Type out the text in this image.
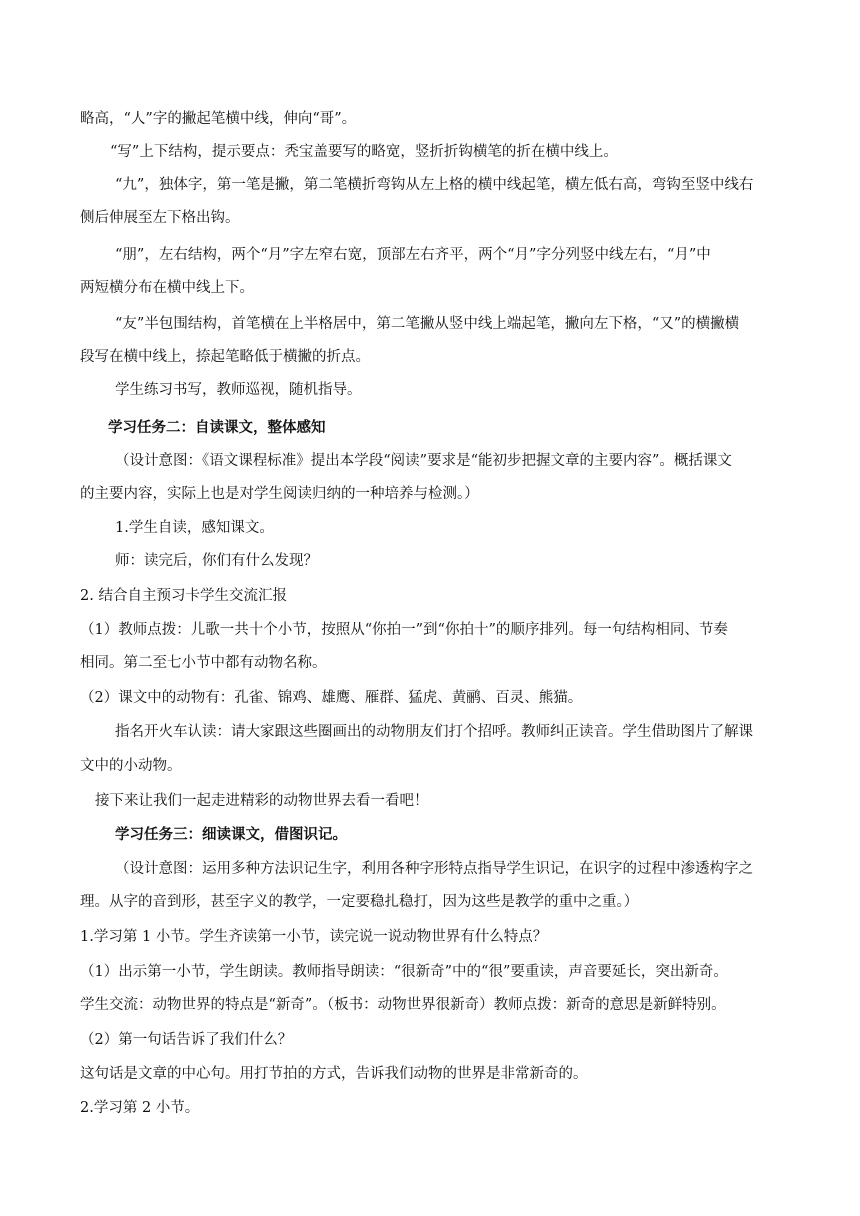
略高，“人”字的撇起笔横中线，伸向“哥”。
“写”上下结构，提示要点：秃宝盖要写的略宽，竖折折钩横笔的折在横中线上。
“九”，独体字，第一笔是撇，第二笔横折弯钩从左上格的横中线起笔，横左低右高，弯钩至竖中线右
侧后伸展至左下格出钩。
“朋”，左右结构，两个“月”字左窄右宽，顶部左右齐平，两个“月”字分列竖中线左右，“月”中
两短横分布在横中线上下。
“友”半包围结构，首笔横在上半格居中，第二笔撇从竖中线上端起笔，撇向左下格，“又”的横撇横
段写在横中线上，捺起笔略低于横撇的折点。
学生练习书写，教师巡视，随机指导。
学习任务二：自读课文，整体感知
（设计意图：《语文课程标准》提出本学段“阅读”要求是“能初步把握文章的主要内容”。概括课文
的主要内容，实际上也是对学生阅读归纳的一种培养与检测。）
1.学生自读，感知课文。
师：读完后，你们有什么发现？
2. 结合自主预习卡学生交流汇报
（1）教师点拨：儿歌一共十个小节，按照从“你拍一”到“你拍十”的顺序排列。每一句结构相同、节奏
相同。第二至七小节中都有动物名称。
（2）课文中的动物有：孔雀、锦鸡、雄鹰、雁群、猛虎、黄鹂、百灵、熊猫。
指名开火车认读：请大家跟这些圈画出的动物朋友们打个招呼。教师纠正读音。学生借助图片了解课
文中的小动物。
接下来让我们一起走进精彩的动物世界去看一看吧！
学习任务三：细读课文，借图识记。
（设计意图：运用多种方法识记生字，利用各种字形特点指导学生识记，在识字的过程中渗透构字之
理。从字的音到形，甚至字义的教学，一定要稳扎稳打，因为这些是教学的重中之重。）
1.学习第 1 小节。学生齐读第一小节，读完说一说动物世界有什么特点？
（1）出示第一小节，学生朗读。教师指导朗读：“很新奇”中的“很”要重读，声音要延长，突出新奇。
学生交流：动物世界的特点是“新奇”。（板书：动物世界很新奇）教师点拨：新奇的意思是新鲜特别。
（2）第一句话告诉了我们什么？
这句话是文章的中心句。用打节拍的方式，告诉我们动物的世界是非常新奇的。
2.学习第 2 小节。
